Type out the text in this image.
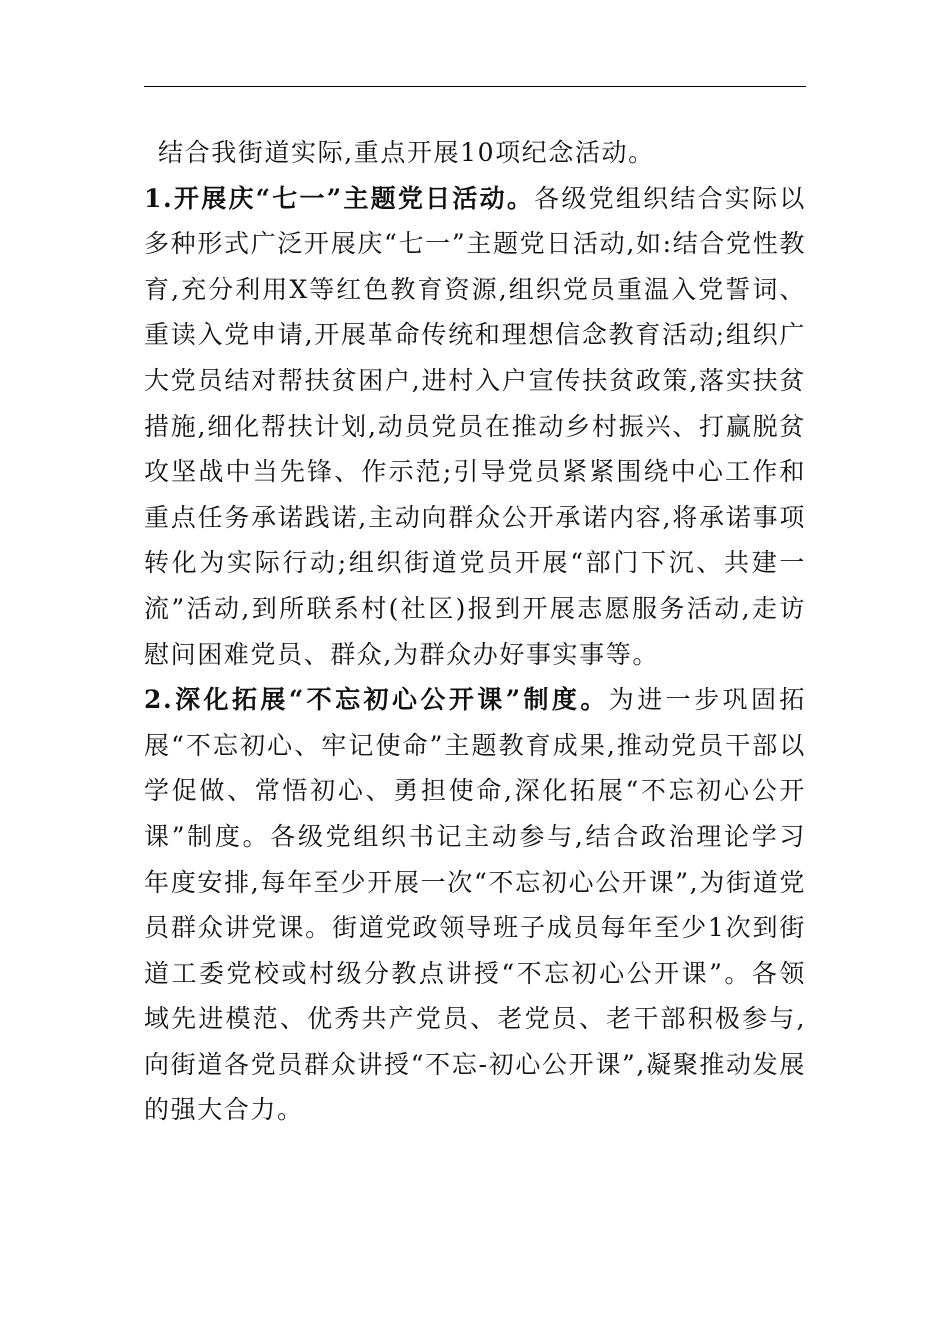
结合我街道实际,重点开展10项纪念活动。

1.开展庆“七一”主题党日活动。各级党组织结合实际以多种形式广泛开展庆“七一”主题党日活动,如:结合党性教育,充分利用X等红色教育资源,组织党员重温入党誓词、重读入党申请,开展革命传统和理想信念教育活动;组织广大党员结对帮扶贫困户,进村入户宣传扶贫政策,落实扶贫措施,细化帮扶计划,动员党员在推动乡村振兴、打赢脱贫攻坚战中当先锋、作示范;引导党员紧紧围绕中心工作和重点任务承诺践诺,主动向群众公开承诺内容,将承诺事项转化为实际行动;组织街道党员开展“部门下沉、共建一流”活动,到所联系村(社区)报到开展志愿服务活动,走访慰问困难党员、群众,为群众办好事实事等。

2.深化拓展“不忘初心公开课”制度。为进一步巩固拓展“不忘初心、牢记使命”主题教育成果,推动党员干部以学促做、常悟初心、勇担使命,深化拓展“不忘初心公开课”制度。各级党组织书记主动参与,结合政治理论学习年度安排,每年至少开展一次“不忘初心公开课”,为街道党员群众讲党课。街道党政领导班子成员每年至少1次到街道工委党校或村级分教点讲授“不忘初心公开课”。各领域先进模范、优秀共产党员、老党员、老干部积极参与,向街道各党员群众讲授“不忘-初心公开课”,凝聚推动发展的强大合力。
